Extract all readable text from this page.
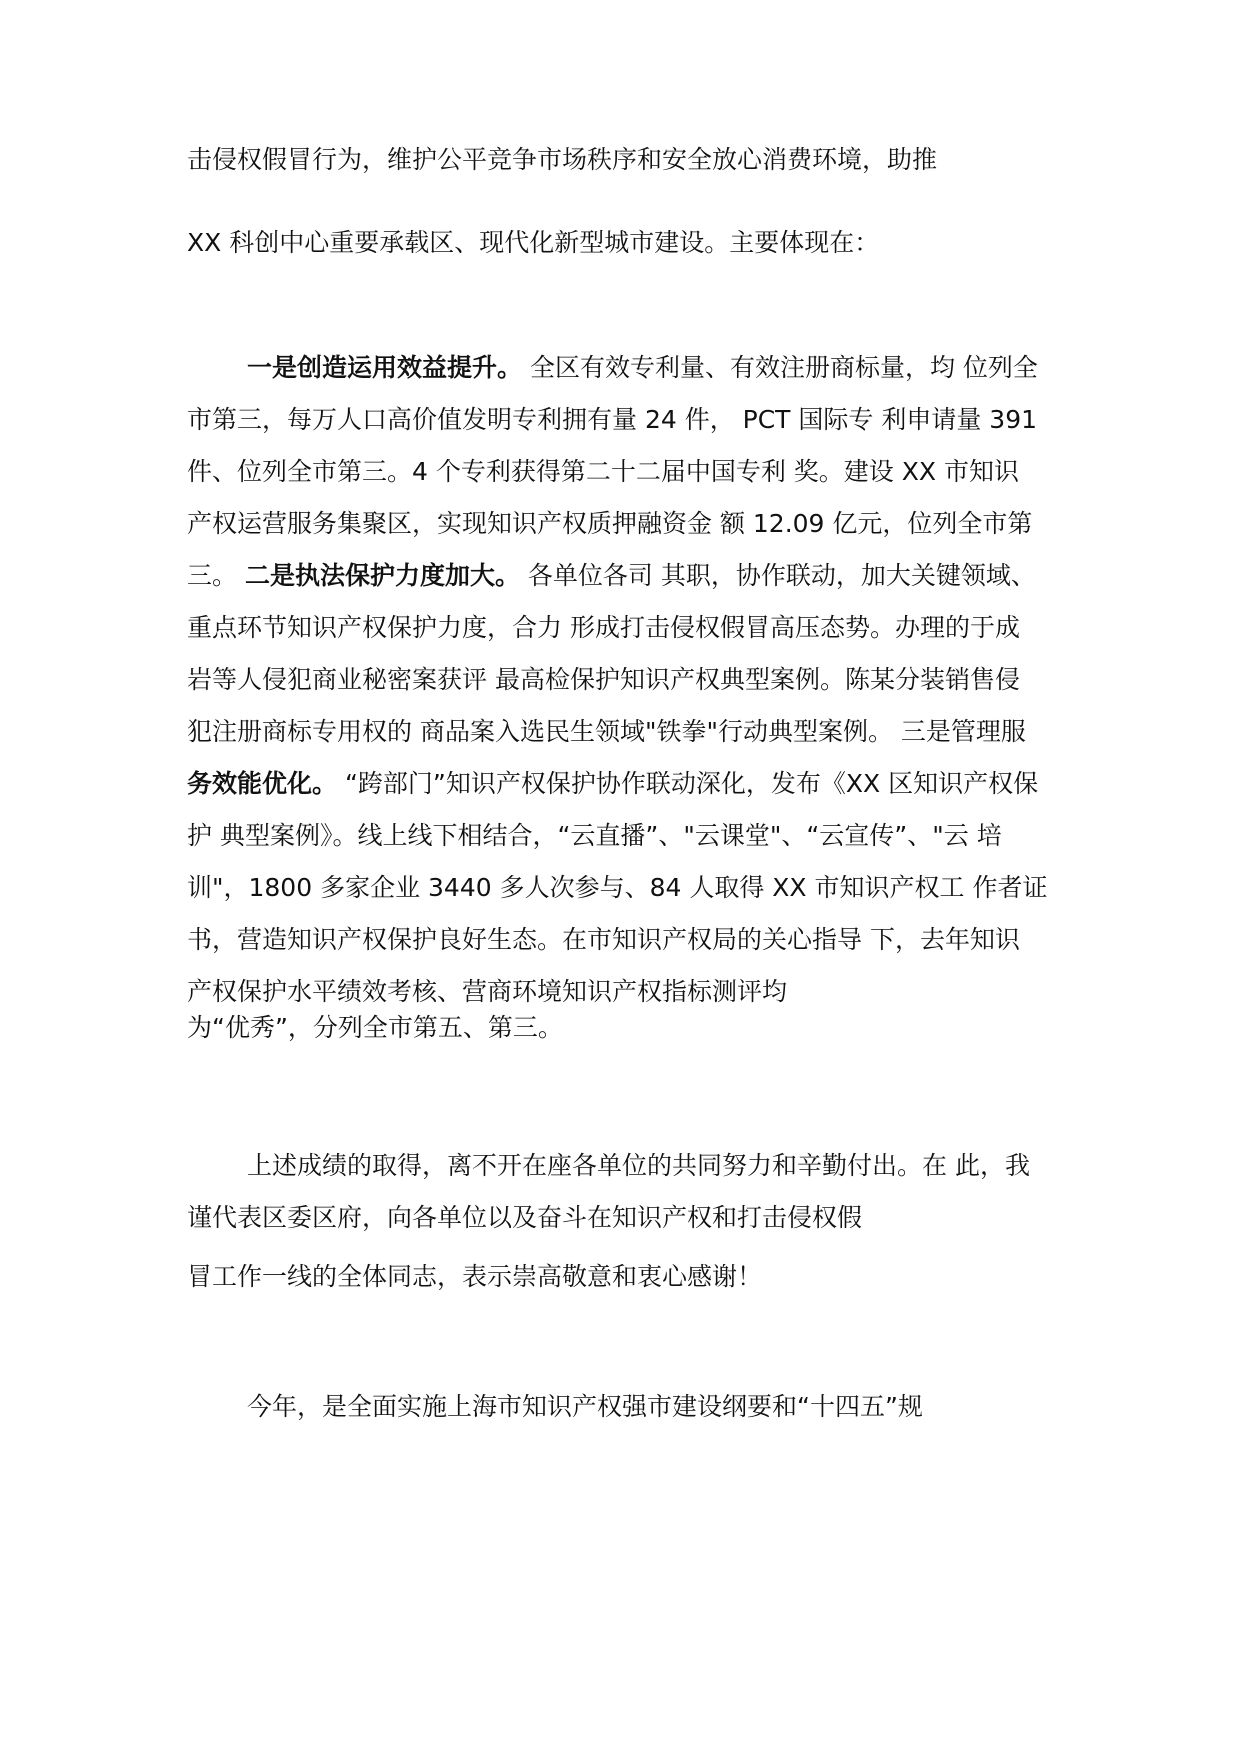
击侵权假冒行为，维护公平竞争市场秩序和安全放心消费环境，助推
XX 科创中心重要承载区、现代化新型城市建设。主要体现在：
一是创造运用效益提升。 全区有效专利量、有效注册商标量，均 位列全
市第三，每万人口高价值发明专利拥有量 24 件， PCT 国际专 利申请量 391
件、位列全市第三。4 个专利获得第二十二届中国专利 奖。建设 XX 市知识
产权运营服务集聚区，实现知识产权质押融资金 额 12.09 亿元，位列全市第
三。 二是执法保护力度加大。 各单位各司 其职，协作联动，加大关键领域、
重点环节知识产权保护力度，合力 形成打击侵权假冒高压态势。办理的于成
岩等人侵犯商业秘密案获评 最高检保护知识产权典型案例。陈某分装销售侵
犯注册商标专用权的 商品案入选民生领域"铁拳"行动典型案例。 三是管理服
务效能优化。 “跨部门”知识产权保护协作联动深化，发布《XX 区知识产权保
护 典型案例》。线上线下相结合，“云直播”、"云课堂"、“云宣传”、"云 培
训"，1800 多家企业 3440 多人次参与、84 人取得 XX 市知识产权工 作者证
书，营造知识产权保护良好生态。在市知识产权局的关心指导 下，去年知识
产权保护水平绩效考核、营商环境知识产权指标测评均
为“优秀”，分列全市第五、第三。
上述成绩的取得，离不开在座各单位的共同努力和辛勤付出。在 此，我
谨代表区委区府，向各单位以及奋斗在知识产权和打击侵权假
冒工作一线的全体同志，表示崇高敬意和衷心感谢！
今年，是全面实施上海市知识产权强市建设纲要和“十四五”规
